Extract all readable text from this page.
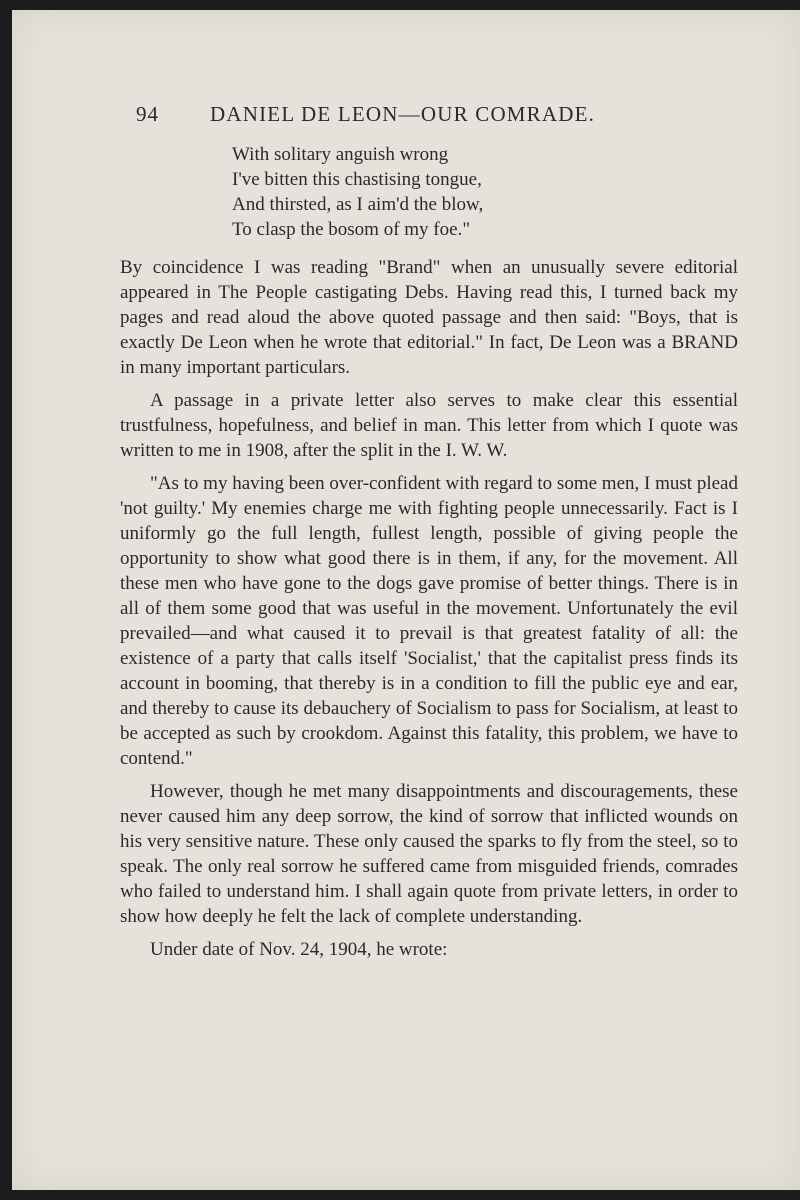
94	DANIEL DE LEON—OUR COMRADE.
With solitary anguish wrong
I've bitten this chastising tongue,
And thirsted, as I aim'd the blow,
To clasp the bosom of my foe."

By coincidence I was reading "Brand" when an unusually severe editorial appeared in The People castigating Debs. Having read this, I turned back my pages and read aloud the above quoted passage and then said: "Boys, that is exactly De Leon when he wrote that editorial." In fact, De Leon was a BRAND in many important particulars.

A passage in a private letter also serves to make clear this essential trustfulness, hopefulness, and belief in man. This letter from which I quote was written to me in 1908, after the split in the I. W. W.

"As to my having been over-confident with regard to some men, I must plead 'not guilty.' My enemies charge me with fighting people unnecessarily. Fact is I uniformly go the full length, fullest length, possible of giving people the opportunity to show what good there is in them, if any, for the movement. All these men who have gone to the dogs gave promise of better things. There is in all of them some good that was useful in the movement. Unfortunately the evil prevailed—and what caused it to prevail is that greatest fatality of all: the existence of a party that calls itself 'Socialist,' that the capitalist press finds its account in booming, that thereby is in a condition to fill the public eye and ear, and thereby to cause its debauchery of Socialism to pass for Socialism, at least to be accepted as such by crookdom. Against this fatality, this problem, we have to contend."

However, though he met many disappointments and discouragements, these never caused him any deep sorrow, the kind of sorrow that inflicted wounds on his very sensitive nature. These only caused the sparks to fly from the steel, so to speak. The only real sorrow he suffered came from misguided friends, comrades who failed to understand him. I shall again quote from private letters, in order to show how deeply he felt the lack of complete understanding.

Under date of Nov. 24, 1904, he wrote:
